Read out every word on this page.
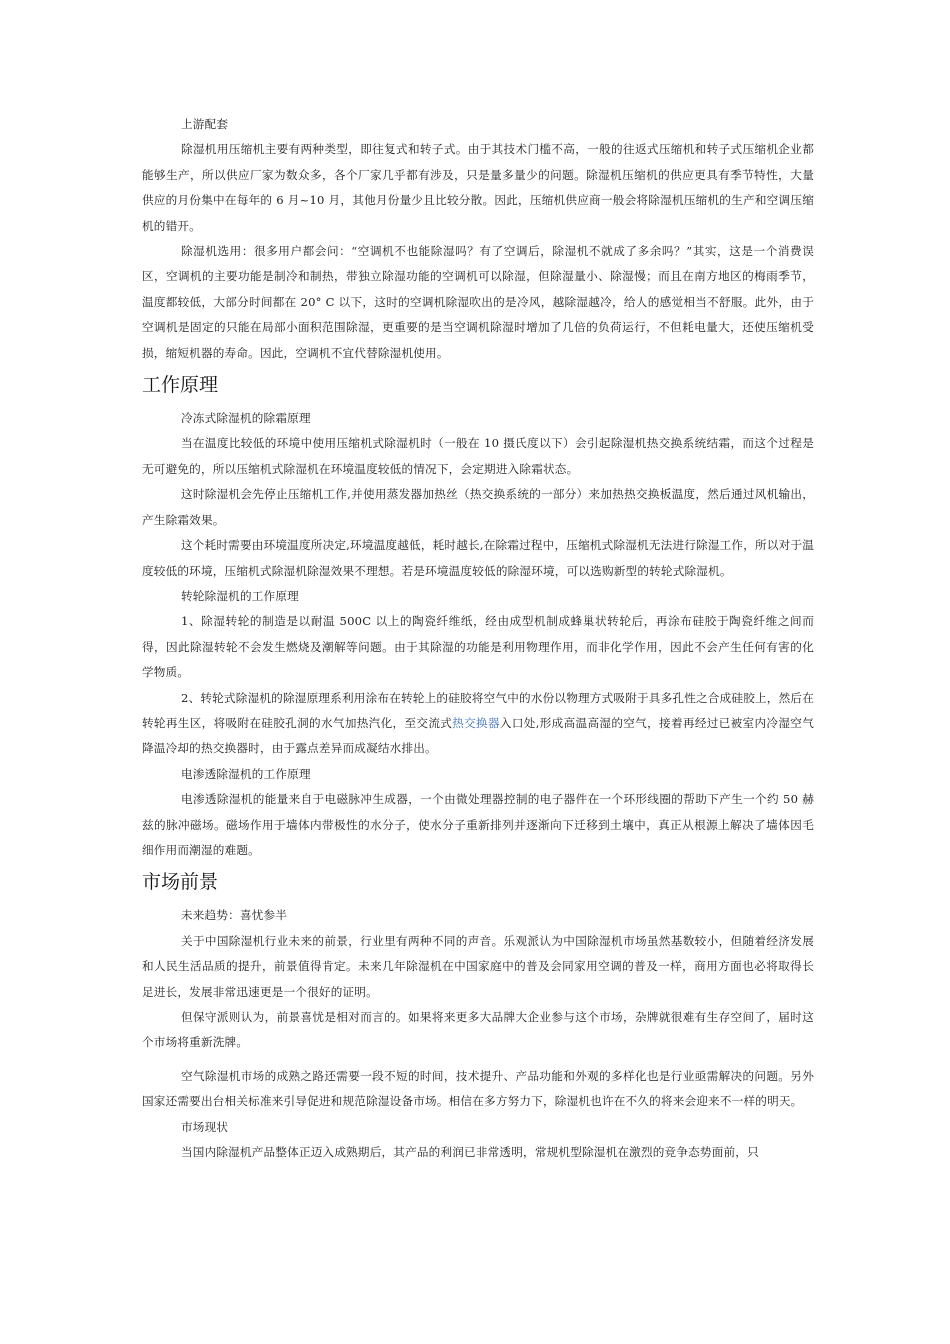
上游配套

除湿机用压缩机主要有两种类型，即往复式和转子式。由于其技术门槛不高，一般的往返式压缩机和转子式压缩机企业都能够生产，所以供应厂家为数众多，各个厂家几乎都有涉及，只是量多量少的问题。除湿机压缩机的供应更具有季节特性，大量供应的月份集中在每年的 6 月~10 月，其他月份量少且比较分散。因此，压缩机供应商一般会将除湿机压缩机的生产和空调压缩机的错开。

除湿机选用：很多用户都会问：“空调机不也能除湿吗？有了空调后，除湿机不就成了多余吗？”其实，这是一个消费误区，空调机的主要功能是制冷和制热，带独立除湿功能的空调机可以除湿，但除湿量小、除湿慢；而且在南方地区的梅雨季节，温度都较低，大部分时间都在 20° C 以下，这时的空调机除湿吹出的是冷风，越除湿越冷，给人的感觉相当不舒服。此外，由于空调机是固定的只能在局部小面积范围除湿，更重要的是当空调机除湿时增加了几倍的负荷运行，不但耗电量大，还使压缩机受损，缩短机器的寿命。因此，空调机不宜代替除湿机使用。

工作原理

冷冻式除湿机的除霜原理

当在温度比较低的环境中使用压缩机式除湿机时（一般在 10 摄氏度以下）会引起除湿机热交换系统结霜，而这个过程是无可避免的，所以压缩机式除湿机在环境温度较低的情况下，会定期进入除霜状态。

这时除湿机会先停止压缩机工作,并使用蒸发器加热丝（热交换系统的一部分）来加热热交换板温度，然后通过风机输出，产生除霜效果。

这个耗时需要由环境温度所决定,环境温度越低，耗时越长,在除霜过程中，压缩机式除湿机无法进行除湿工作，所以对于温度较低的环境，压缩机式除湿机除湿效果不理想。若是环境温度较低的除湿环境，可以选购新型的转轮式除湿机。

转轮除湿机的工作原理

1、除湿转轮的制造是以耐温 500C 以上的陶瓷纤维纸，经由成型机制成蜂巢状转轮后，再涂布硅胶于陶瓷纤维之间而得，因此除湿转轮不会发生燃烧及潮解等问题。由于其除湿的功能是利用物理作用，而非化学作用，因此不会产生任何有害的化学物质。

2、转轮式除湿机的除湿原理系利用涂布在转轮上的硅胶将空气中的水份以物理方式吸附于具多孔性之合成硅胶上，然后在转轮再生区，将吸附在硅胶孔洞的水气加热汽化，至交流式热交换器入口处,形成高温高湿的空气，接着再经过已被室内冷湿空气降温冷却的热交换器时，由于露点差异而成凝结水排出。

电渗透除湿机的工作原理

电渗透除湿机的能量来自于电磁脉冲生成器，一个由微处理器控制的电子器件在一个环形线圈的帮助下产生一个约 50 赫兹的脉冲磁场。磁场作用于墙体内带极性的水分子，使水分子重新排列并逐渐向下迁移到土壤中，真正从根源上解决了墙体因毛细作用而潮湿的难题。

市场前景

未来趋势：喜忧参半

关于中国除湿机行业未来的前景，行业里有两种不同的声音。乐观派认为中国除湿机市场虽然基数较小，但随着经济发展和人民生活品质的提升，前景值得肯定。未来几年除湿机在中国家庭中的普及会同家用空调的普及一样，商用方面也必将取得长足进长，发展非常迅速更是一个很好的证明。

但保守派则认为，前景喜忧是相对而言的。如果将来更多大品牌大企业参与这个市场，杂牌就很难有生存空间了，届时这个市场将重新洗牌。

空气除湿机市场的成熟之路还需要一段不短的时间，技术提升、产品功能和外观的多样化也是行业亟需解决的问题。另外国家还需要出台相关标准来引导促进和规范除湿设备市场。相信在多方努力下，除湿机也许在不久的将来会迎来不一样的明天。

市场现状

当国内除湿机产品整体正迈入成熟期后，其产品的利润已非常透明，常规机型除湿机在激烈的竞争态势面前，只
